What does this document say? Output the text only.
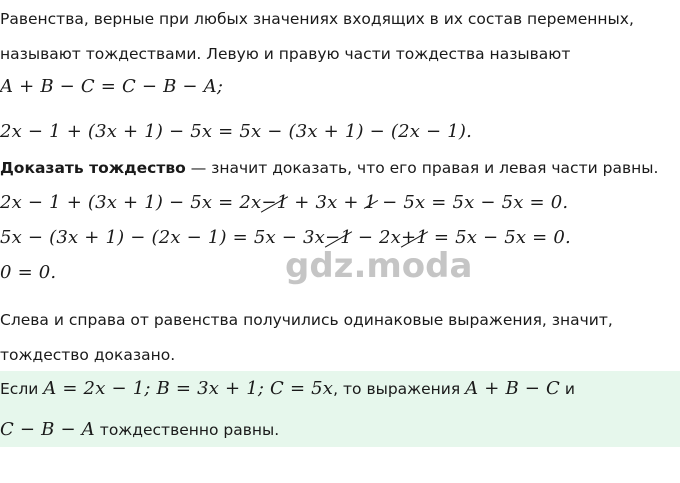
Равенства, верные при любых значениях входящих в их состав переменных,
называют тождествами. Левую и правую части тождества называют
A + B − C = C − B − A;
2x − 1 + (3x + 1) − 5x = 5x − (3x + 1) − (2x − 1).
Доказать тождество — значит доказать, что его правая и левая части равны.
2x − 1 + (3x + 1) − 5x = 2x−1 + 3x + 1 − 5x = 5x − 5x = 0.
5x − (3x + 1) − (2x − 1) = 5x − 3x−1 − 2x+1 = 5x − 5x = 0.
0 = 0.	gdz.moda
Слева и справа от равенства получились одинаковые выражения, значит,
тождество доказано.
Если A = 2x − 1; B = 3x + 1; C = 5x, то выражения A + B − C и
C − B − A тождественно равны.
